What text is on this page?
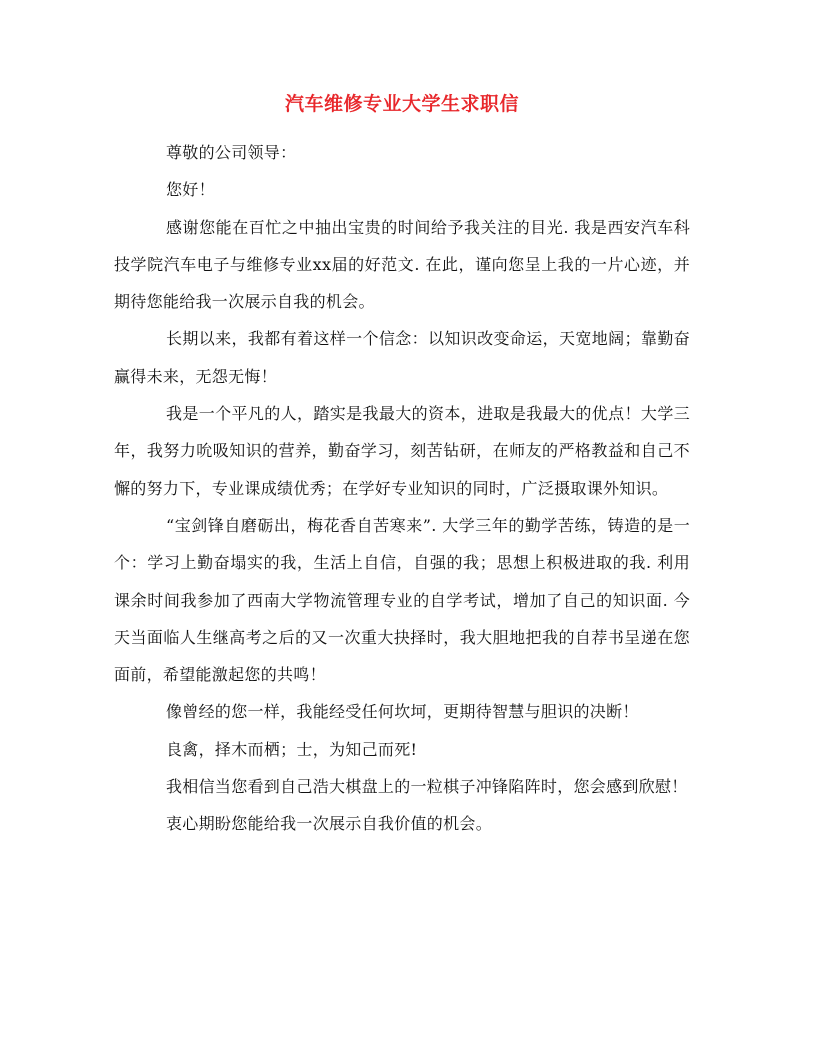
汽车维修专业大学生求职信

尊敬的公司领导：

您好！

感谢您能在百忙之中抽出宝贵的时间给予我关注的目光. 我是西安汽车科技学院汽车电子与维修专业xx届的好范文. 在此，谨向您呈上我的一片心迹，并期待您能给我一次展示自我的机会。

长期以来，我都有着这样一个信念：以知识改变命运，天宽地阔；靠勤奋赢得未来，无怨无悔！

我是一个平凡的人，踏实是我最大的资本，进取是我最大的优点！大学三年，我努力吮吸知识的营养，勤奋学习，刻苦钻研，在师友的严格教益和自己不懈的努力下，专业课成绩优秀；在学好专业知识的同时，广泛摄取课外知识。

“宝剑锋自磨砺出，梅花香自苦寒来”. 大学三年的勤学苦练，铸造的是一个：学习上勤奋塌实的我，生活上自信，自强的我；思想上积极进取的我. 利用课余时间我参加了西南大学物流管理专业的自学考试，增加了自己的知识面. 今天当面临人生继高考之后的又一次重大抉择时，我大胆地把我的自荐书呈递在您面前，希望能激起您的共鸣！

像曾经的您一样，我能经受任何坎坷，更期待智慧与胆识的决断！

良禽，择木而栖；士，为知己而死!

我相信当您看到自己浩大棋盘上的一粒棋子冲锋陷阵时，您会感到欣慰！

衷心期盼您能给我一次展示自我价值的机会。
